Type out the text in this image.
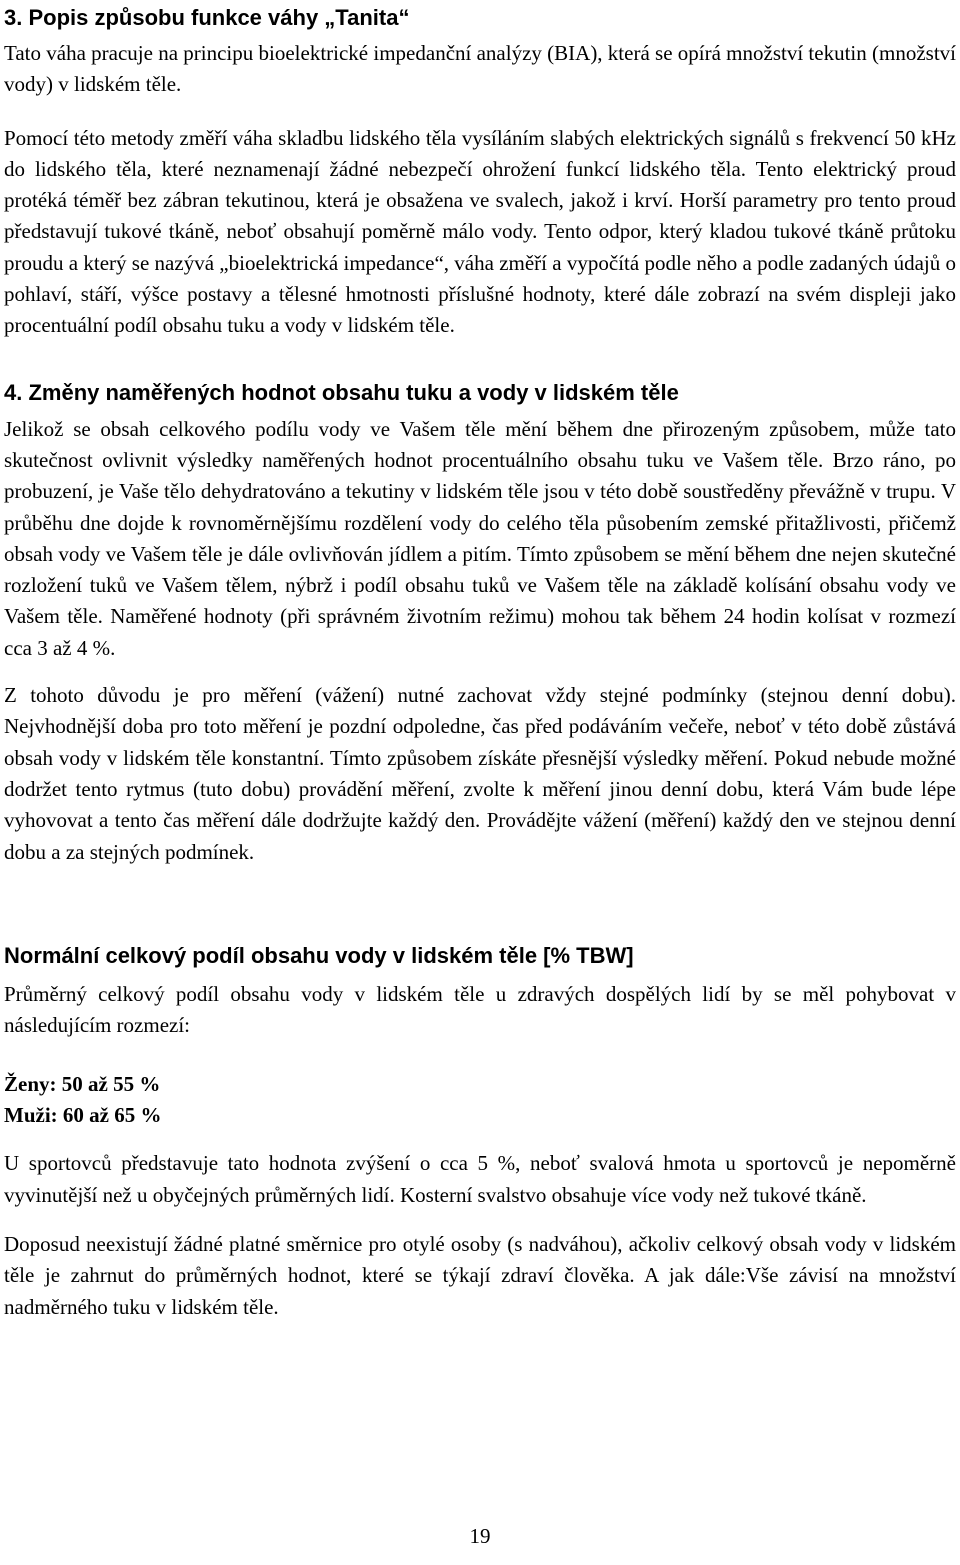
3. Popis způsobu funkce váhy „Tanita“

Tato váha pracuje na principu bioelektrické impedanční analýzy (BIA), která se opírá množství tekutin (množství vody) v lidském těle.

Pomocí této metody změří váha skladbu lidského těla vysíláním slabých elektrických signálů s frekvencí 50 kHz do lidského těla, které neznamenají žádné nebezpečí ohrožení funkcí lidského těla. Tento elektrický proud protéká téměř bez zábran tekutinou, která je obsažena ve svalech, jakož i krví. Horší parametry pro tento proud představují tukové tkáně, neboť obsahují poměrně málo vody. Tento odpor, který kladou tukové tkáně průtoku proudu a který se nazývá „bioelektrická impedance“, váha změří a vypočítá podle něho a podle zadaných údajů o pohlaví, stáří, výšce postavy a tělesné hmotnosti příslušné hodnoty, které dále zobrazí na svém displeji jako procentuální podíl obsahu tuku a vody v lidském těle.

4. Změny naměřených hodnot obsahu tuku a vody v lidském těle

Jelikož se obsah celkového podílu vody ve Vašem těle mění během dne přirozeným způsobem, může tato skutečnost ovlivnit výsledky naměřených hodnot procentuálního obsahu tuku ve Vašem těle. Brzo ráno, po probuzení, je Vaše tělo dehydratováno a tekutiny v lidském těle jsou v této době soustředěny převážně v trupu. V průběhu dne dojde k rovnoměrnějšímu rozdělení vody do celého těla působením zemské přitažlivosti, přičemž obsah vody ve Vašem těle je dále ovlivňován jídlem a pitím. Tímto způsobem se mění během dne nejen skutečné rozložení tuků ve Vašem tělem, nýbrž i podíl obsahu tuků ve Vašem těle na základě kolísání obsahu vody ve Vašem těle. Naměřené hodnoty (při správném životním režimu) mohou tak během 24 hodin kolísat v rozmezí cca 3 až 4 %.

Z tohoto důvodu je pro měření (vážení) nutné zachovat vždy stejné podmínky (stejnou denní dobu). Nejvhodnější doba pro toto měření je pozdní odpoledne, čas před podáváním večeře, neboť v této době zůstává obsah vody v lidském těle konstantní. Tímto způsobem získáte přesnější výsledky měření. Pokud nebude možné dodržet tento rytmus (tuto dobu) provádění měření, zvolte k měření jinou denní dobu, která Vám bude lépe vyhovovat a tento čas měření dále dodržujte každý den. Provádějte vážení (měření) každý den ve stejnou denní dobu a za stejných podmínek.

Normální celkový podíl obsahu vody v lidském těle [% TBW]

Průměrný celkový podíl obsahu vody v lidském těle u zdravých dospělých lidí by se měl pohybovat v následujícím rozmezí:

Ženy: 50 až 55 %

Muži: 60 až 65 %

U sportovců představuje tato hodnota zvýšení o cca 5 %, neboť svalová hmota u sportovců je nepoměrně vyvinutější než u obyčejných průměrných lidí. Kosterní svalstvo obsahuje více vody než tukové tkáně.

Doposud neexistují žádné platné směrnice pro otylé osoby (s nadváhou), ačkoliv celkový obsah vody v lidském těle je zahrnut do průměrných hodnot, které se týkají zdraví člověka. A jak dále:Vše závisí na množství nadměrného tuku v lidském těle.

19
